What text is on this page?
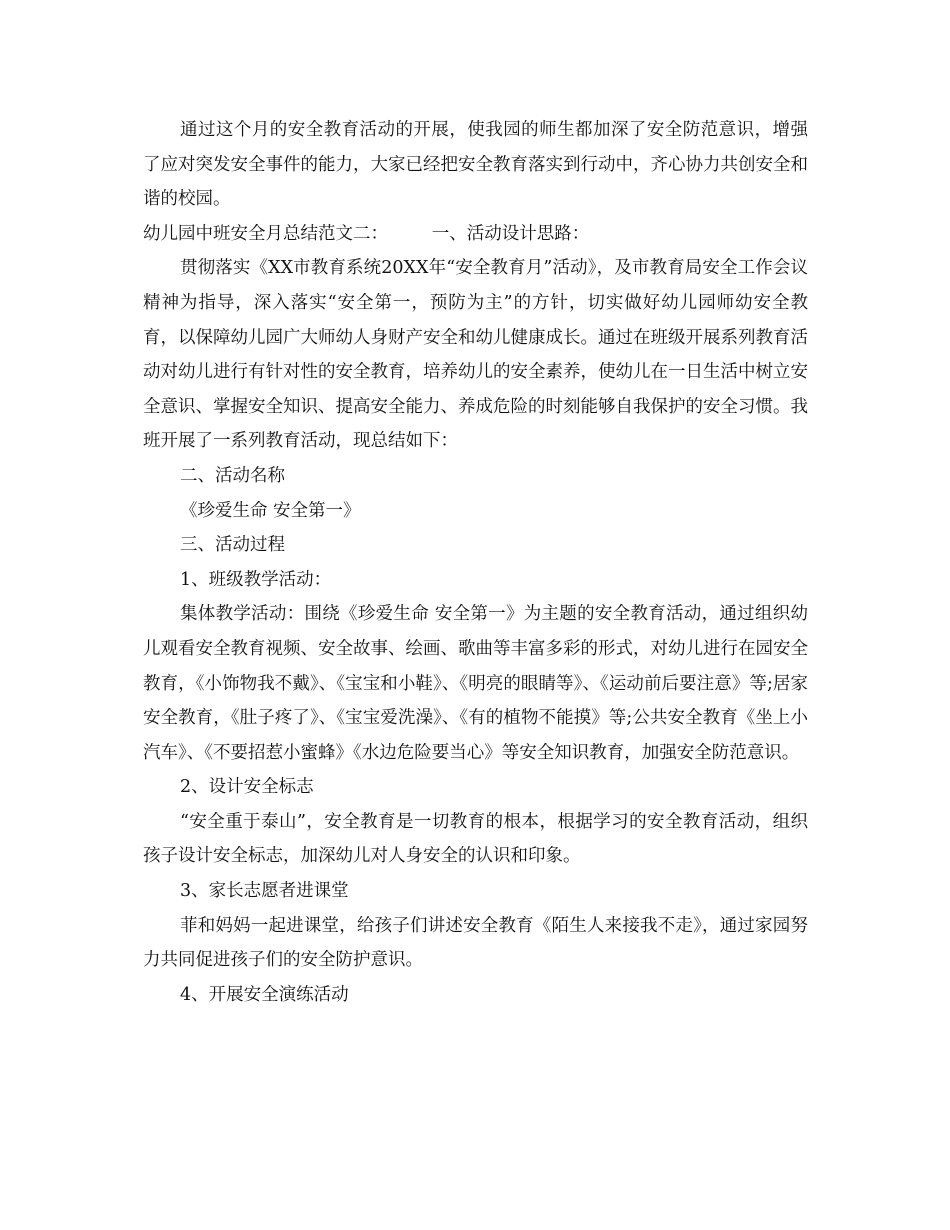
通过这个月的安全教育活动的开展，使我园的师生都加深了安全防范意识，增强了应对突发安全事件的能力，大家已经把安全教育落实到行动中，齐心协力共创安全和谐的校园。

幼儿园中班安全月总结范文二：　　　一、活动设计思路：

贯彻落实《XX市教育系统20XX年“安全教育月”活动》，及市教育局安全工作会议精神为指导，深入落实“安全第一，预防为主”的方针，切实做好幼儿园师幼安全教育，以保障幼儿园广大师幼人身财产安全和幼儿健康成长。通过在班级开展系列教育活动对幼儿进行有针对性的安全教育，培养幼儿的安全素养，使幼儿在一日生活中树立安全意识、掌握安全知识、提高安全能力、养成危险的时刻能够自我保护的安全习惯。我班开展了一系列教育活动，现总结如下：

二、活动名称

《珍爱生命 安全第一》

三、活动过程

1、班级教学活动：

集体教学活动：围绕《珍爱生命 安全第一》为主题的安全教育活动，通过组织幼儿观看安全教育视频、安全故事、绘画、歌曲等丰富多彩的形式，对幼儿进行在园安全教育，《小饰物我不戴》、《宝宝和小鞋》、《明亮的眼睛等》、《运动前后要注意》等;居家安全教育，《肚子疼了》、《宝宝爱洗澡》、《有的植物不能摸》等;公共安全教育《坐上小汽车》、《不要招惹小蜜蜂》《水边危险要当心》等安全知识教育，加强安全防范意识。

2、设计安全标志

“安全重于泰山”，安全教育是一切教育的根本，根据学习的安全教育活动，组织孩子设计安全标志，加深幼儿对人身安全的认识和印象。

3、家长志愿者进课堂

菲和妈妈一起进课堂，给孩子们讲述安全教育《陌生人来接我不走》，通过家园努力共同促进孩子们的安全防护意识。

4、开展安全演练活动
